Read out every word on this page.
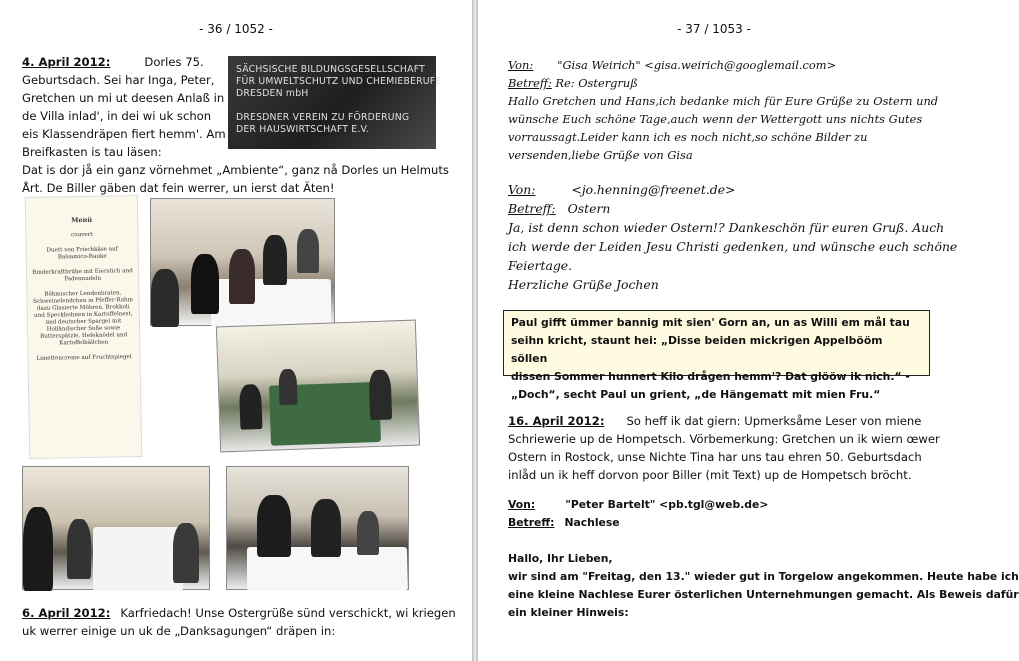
- 36 / 1052 -
4. April 2012:	Dorles 75.
Geburtsdach. Sei har Inga, Peter,
Gretchen un mi ut deesen Anlaß in
de Villa inlad', in dei wi uk schon
eis Klassendräpen fiert hemm'. Am
Breifkasten is tau läsen:
Dat is dor jå ein ganz vörnehmet „Ambiente“, ganz nå Dorles un Helmuts
Årt. De Biller gäben dat fein werrer, un ierst dat Äten!
SÄCHSISCHE BILDUNGSGESELLSCHAFT
FÜR UMWELTSCHUTZ UND CHEMIEBERUFE
DRESDEN mbH
DRESDNER VEREIN ZU FÖRDERUNG
DER HAUSWIRTSCHAFT E.V.
Menü
couvert
Duett von Frischkäse auf Balsamico-Rauke
Rinderkraftbrühe mit Eierstich und Fadennudeln
Böhmischer Lendenbraten, Schweinelendchen in Pfeffer-Rahm dazu Glasierte Möhren, Brokkoli und Speckbohnen in Kartoffelnest, und deutscher Spargel mit Holländischer Soße sowie Butterspätzle, Hefeknödel und Kartoffelbällchen
Limettencreme auf Fruchtspiegel
6. April 2012: Karfriedach! Unse Ostergrüße sünd verschickt, wi kriegen
uk werrer einige un uk de „Danksagungen“ dräpen in:
- 37 / 1053 -
Von: "Gisa Weirich" <gisa.weirich@googlemail.com>
Betreff: Re: Ostergruß
Hallo Gretchen und Hans,ich bedanke mich für Eure Grüße zu Ostern und
wünsche Euch schöne Tage,auch wenn der Wettergott uns nichts Gutes
vorraussagt.Leider kann ich es noch nicht,so schöne Bilder zu
versenden,liebe Grüße von Gisa
Von:	<jo.henning@freenet.de>
Betreff: Ostern
Ja, ist denn schon wieder Ostern!? Dankeschön für euren Gruß. Auch
ich werde der Leiden Jesu Christi gedenken, und wünsche euch schöne
Feiertage.
Herzliche Grüße Jochen
Paul gifft ümmer bannig mit sien' Gorn an, un as Willi em mål tau
seihn kricht, staunt hei: „Disse beiden mickrigen Appelbööm söllen
dissen Sommer hunnert Kilo drågen hemm'? Dat glööw ik nich.“ -
„Doch“, secht Paul un grient, „de Hängematt mit mien Fru.“
16. April 2012: So heff ik dat giern: Upmerksåme Leser von miene
Schriewerie up de Hompetsch. Vörbemerkung: Gretchen un ik wiern œwer
Ostern in Rostock, unse Nichte Tina har uns tau ehren 50. Geburtsdach
inlåd un ik heff dorvon poor Biller (mit Text) up de Hompetsch bröcht.
Von:	"Peter Bartelt" <pb.tgl@web.de>
Betreff: Nachlese
Hallo, Ihr Lieben,
wir sind am "Freitag, den 13." wieder gut in Torgelow angekommen. Heute habe ich
eine kleine Nachlese Eurer österlichen Unternehmungen gemacht. Als Beweis dafür
ein kleiner Hinweis:
